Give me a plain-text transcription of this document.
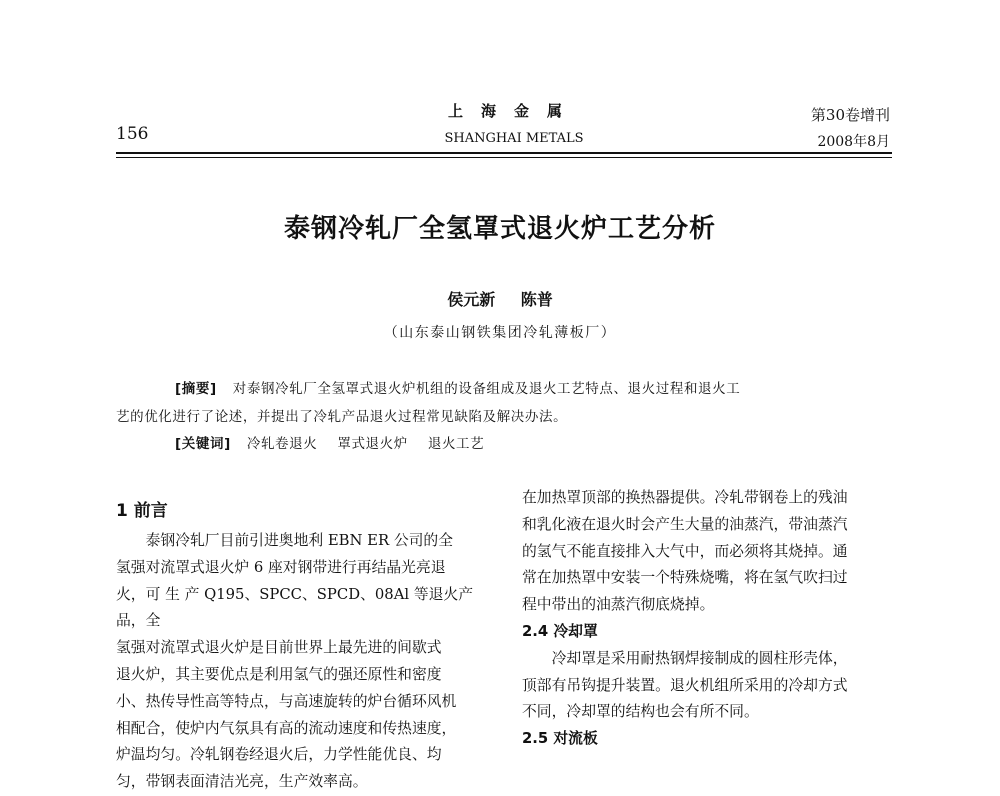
156
上海金属
SHANGHAI METALS
第30卷增刊
2008年8月
泰钢冷轧厂全氢罩式退火炉工艺分析
侯元新 陈普
（山东泰山钢铁集团冷轧薄板厂）
[摘要] 对泰钢冷轧厂全氢罩式退火炉机组的设备组成及退火工艺特点、退火过程和退火工
艺的优化进行了论述，并提出了冷轧产品退火过程常见缺陷及解决办法。
[关键词] 冷轧卷退火 罩式退火炉 退火工艺
1 前言

泰钢冷轧厂目前引进奥地利 EBN ER 公司的全

氢强对流罩式退火炉 6 座对钢带进行再结晶光亮退

火，可 生 产 Q195、SPCC、SPCD、08Al 等退火产品，全

氢强对流罩式退火炉是目前世界上最先进的间歇式

退火炉，其主要优点是利用氢气的强还原性和密度

小、热传导性高等特点，与高速旋转的炉台循环风机

相配合，使炉内气氛具有高的流动速度和传热速度，

炉温均匀。冷轧钢卷经退火后，力学性能优良、均

匀，带钢表面清洁光亮，生产效率高。

在加热罩顶部的换热器提供。冷轧带钢卷上的残油

和乳化液在退火时会产生大量的油蒸汽，带油蒸汽

的氢气不能直接排入大气中，而必须将其烧掉。通

常在加热罩中安装一个特殊烧嘴，将在氢气吹扫过

程中带出的油蒸汽彻底烧掉。

2.4 冷却罩

冷却罩是采用耐热钢焊接制成的圆柱形壳体，

顶部有吊钩提升装置。退火机组所采用的冷却方式

不同，冷却罩的结构也会有所不同。

2.5 对流板
